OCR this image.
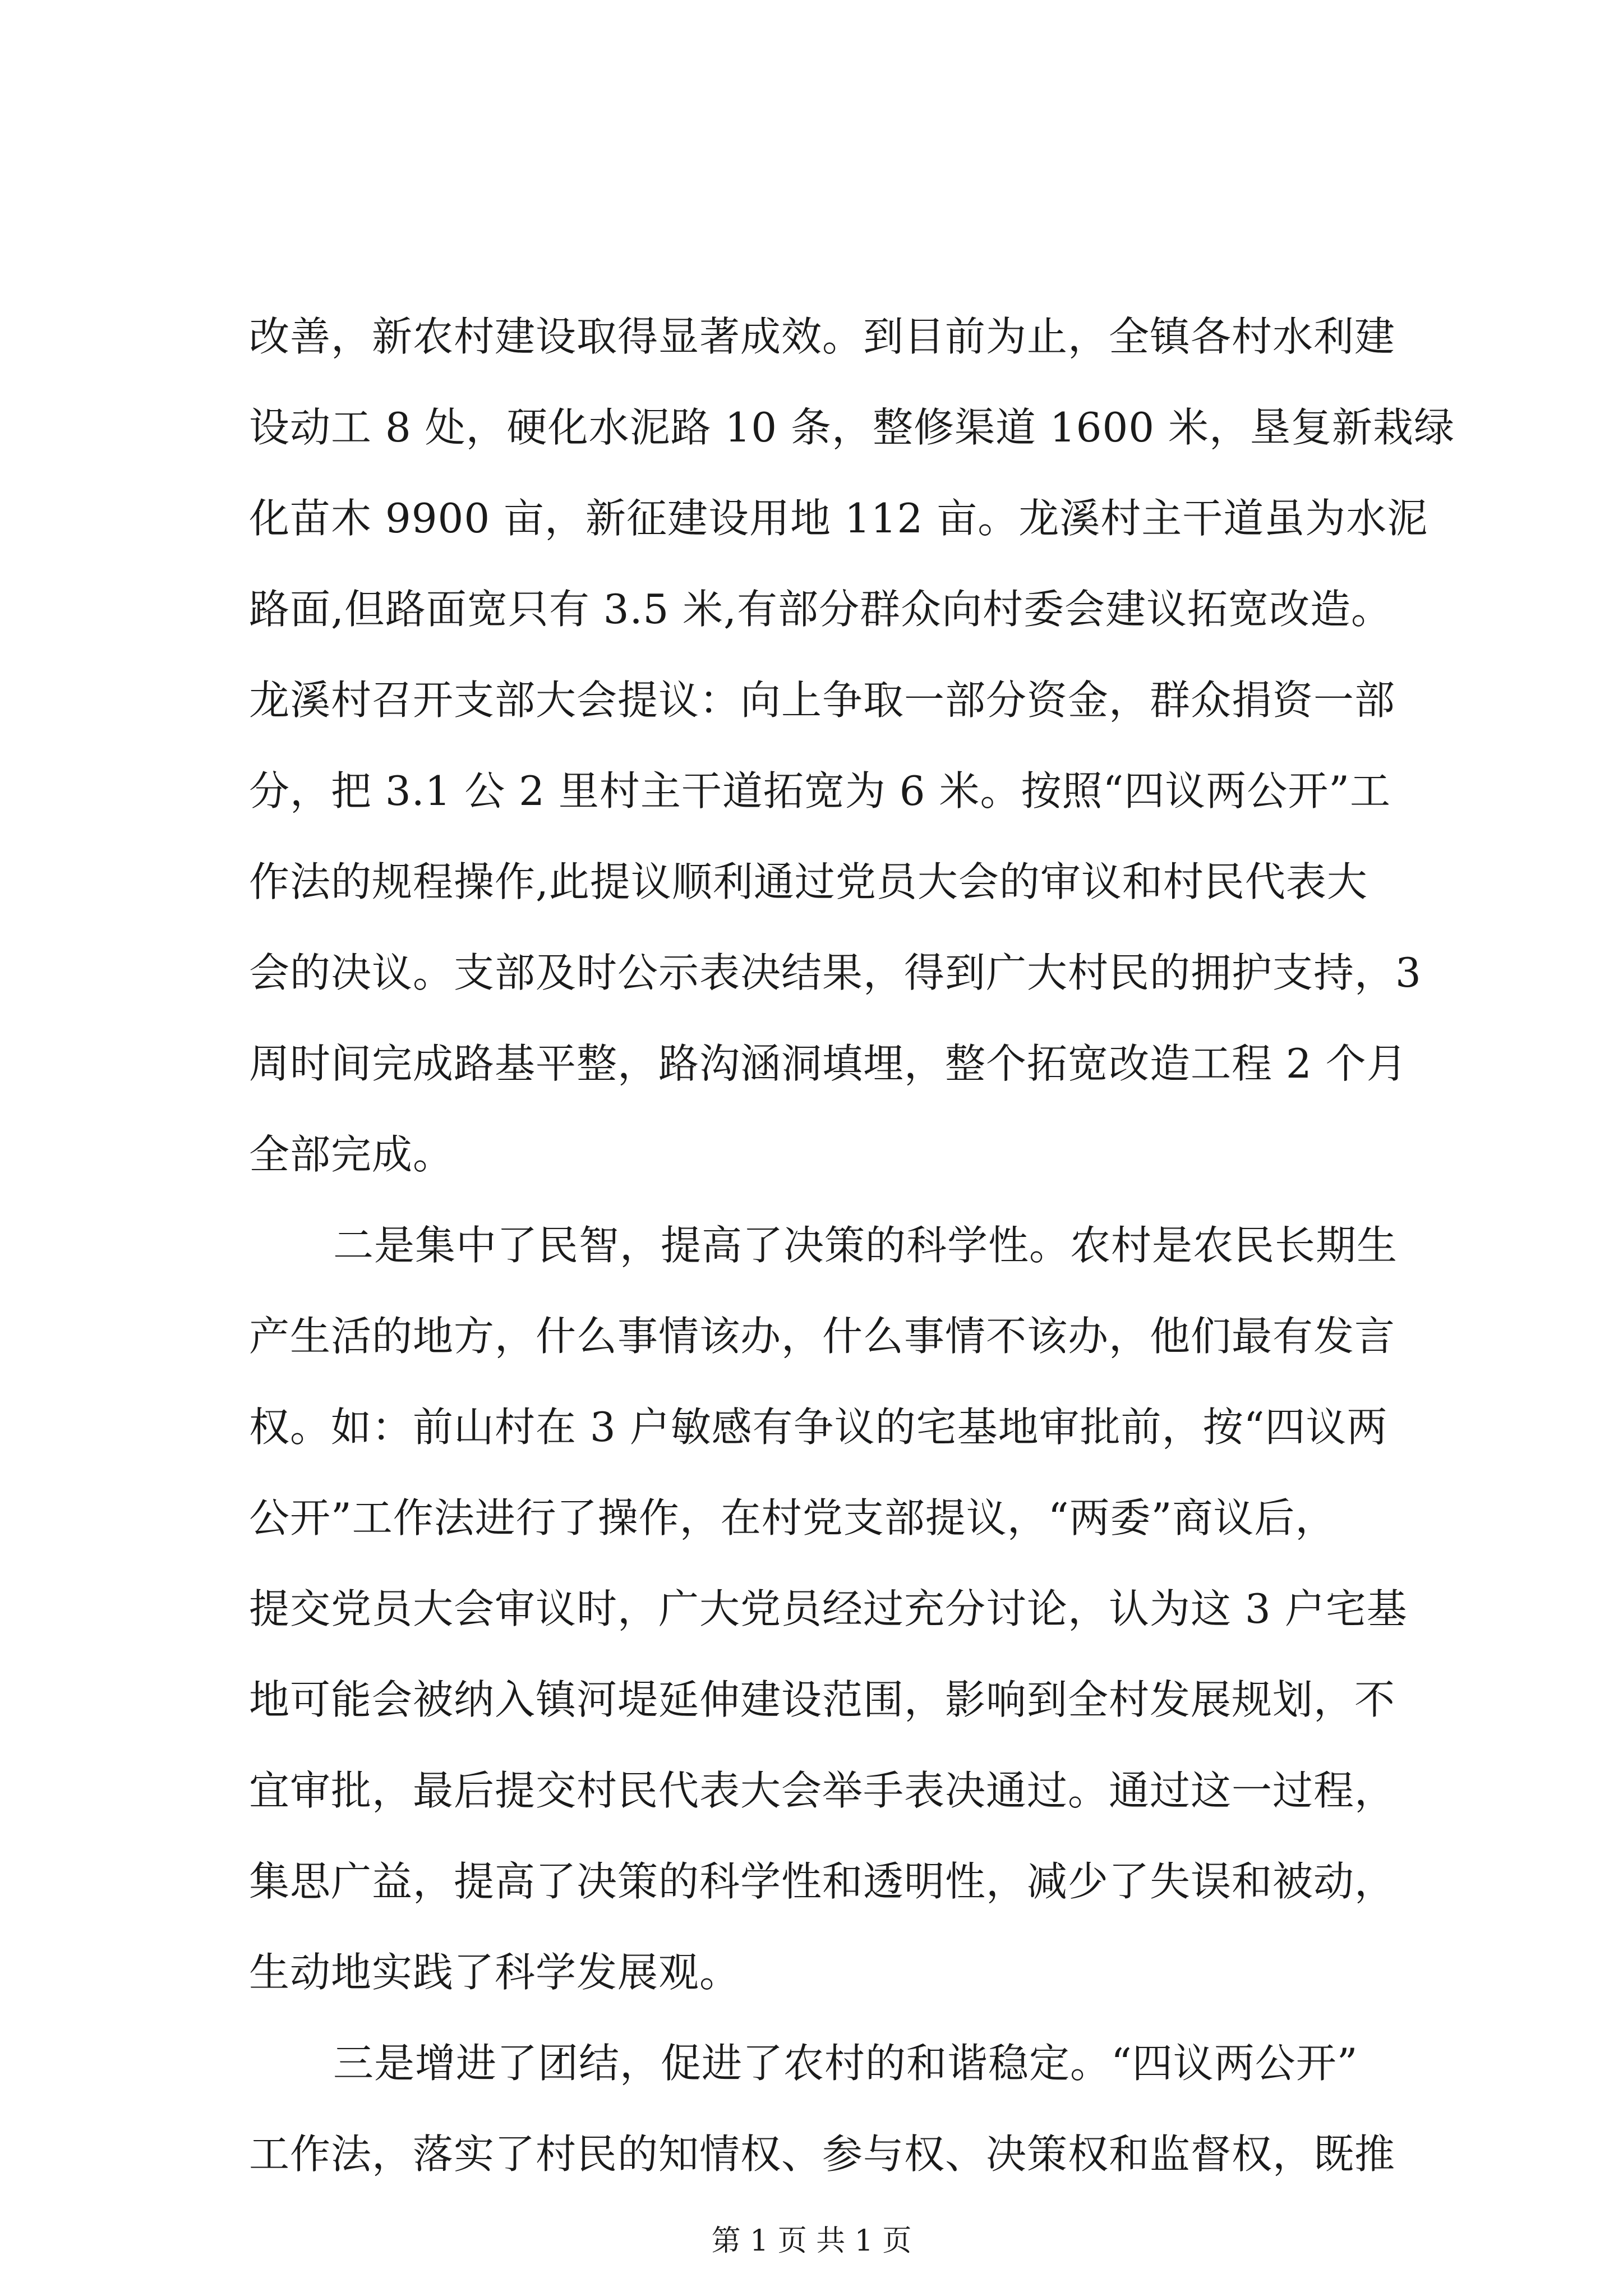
改善，新农村建设取得显著成效。到目前为止，全镇各村水利建
设动工 8 处，硬化水泥路 10 条，整修渠道 1600 米，垦复新栽绿
化苗木 9900 亩，新征建设用地 112 亩。龙溪村主干道虽为水泥
路面,但路面宽只有 3.5 米,有部分群众向村委会建议拓宽改造。
龙溪村召开支部大会提议：向上争取一部分资金，群众捐资一部
分，把 3.1 公 2 里村主干道拓宽为 6 米。按照“四议两公开”工
作法的规程操作,此提议顺利通过党员大会的审议和村民代表大
会的决议。支部及时公示表决结果，得到广大村民的拥护支持，3
周时间完成路基平整，路沟涵洞填埋，整个拓宽改造工程 2 个月
全部完成。
二是集中了民智，提高了决策的科学性。农村是农民长期生
产生活的地方，什么事情该办，什么事情不该办，他们最有发言
权。如：前山村在 3 户敏感有争议的宅基地审批前，按“四议两
公开”工作法进行了操作，在村党支部提议，“两委”商议后，
提交党员大会审议时，广大党员经过充分讨论，认为这 3 户宅基
地可能会被纳入镇河堤延伸建设范围，影响到全村发展规划，不
宜审批，最后提交村民代表大会举手表决通过。通过这一过程，
集思广益，提高了决策的科学性和透明性，减少了失误和被动，
生动地实践了科学发展观。
三是增进了团结，促进了农村的和谐稳定。“四议两公开”
工作法，落实了村民的知情权、参与权、决策权和监督权，既推
第 1 页 共 1 页
